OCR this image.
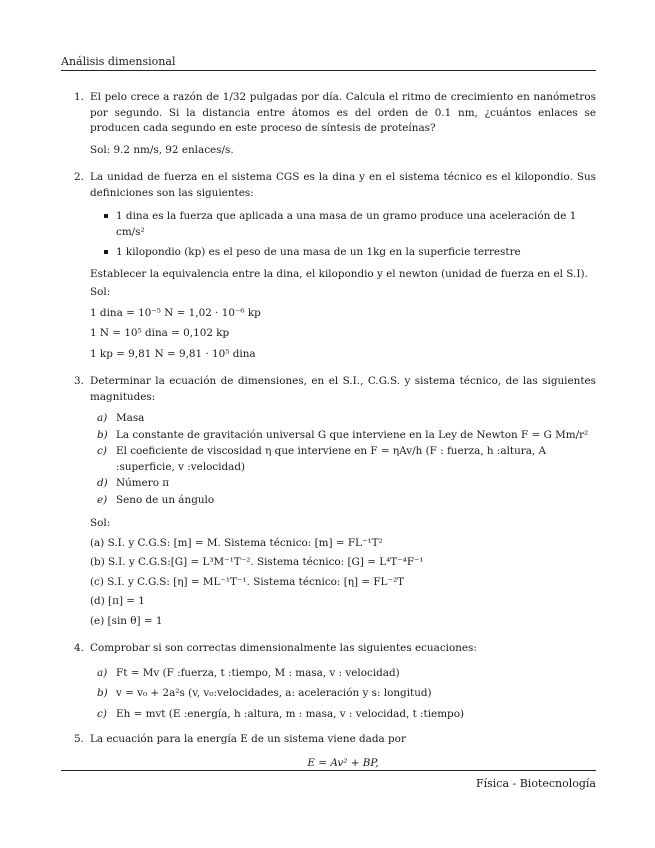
Análisis dimensional
1. El pelo crece a razón de 1/32 pulgadas por día. Calcula el ritmo de crecimiento en nanómetros por segundo. Si la distancia entre átomos es del orden de 0.1 nm, ¿cuántos enlaces se producen cada segundo en este proceso de síntesis de proteínas?
Sol: 9.2 nm/s, 92 enlaces/s.
2. La unidad de fuerza en el sistema CGS es la dina y en el sistema técnico es el kilopondio. Sus definiciones son las siguientes:
1 dina es la fuerza que aplicada a una masa de un gramo produce una aceleración de 1 cm/s²
1 kilopondio (kp) es el peso de una masa de un 1kg en la superficie terrestre
Establecer la equivalencia entre la dina, el kilopondio y el newton (unidad de fuerza en el S.I).
Sol:
1 dina = 10⁻⁵ N = 1,02 · 10⁻⁶ kp
1 N = 10⁵ dina = 0,102 kp
1 kp = 9,81 N = 9,81 · 10⁵ dina
3. Determinar la ecuación de dimensiones, en el S.I., C.G.S. y sistema técnico, de las siguientes magnitudes:
a) Masa
b) La constante de gravitación universal G que interviene en la Ley de Newton F = G Mm/r²
c) El coeficiente de viscosidad η que interviene en F = ηAv/h (F : fuerza, h :altura, A :superficie, v :velocidad)
d) Número π
e) Seno de un ángulo
Sol:
(a) S.I. y C.G.S: [m] = M. Sistema técnico: [m] = FL⁻¹T²
(b) S.I. y C.G.S:[G] = L³M⁻¹T⁻². Sistema técnico: [G] = L⁴T⁻⁴F⁻¹
(c) S.I. y C.G.S: [η] = ML⁻¹T⁻¹. Sistema técnico: [η] = FL⁻²T
(d) [π] = 1
(e) [sin θ] = 1
4. Comprobar si son correctas dimensionalmente las siguientes ecuaciones:
a) Ft = Mv (F :fuerza, t :tiempo, M : masa, v : velocidad)
b) v = v₀ + 2a²s (v, v₀:velocidades, a: aceleración y s: longitud)
c) Eh = mvt (E :energía, h :altura, m : masa, v : velocidad, t :tiempo)
5. La ecuación para la energía E de un sistema viene dada por
E = Av² + BP,
Física - Biotecnología
